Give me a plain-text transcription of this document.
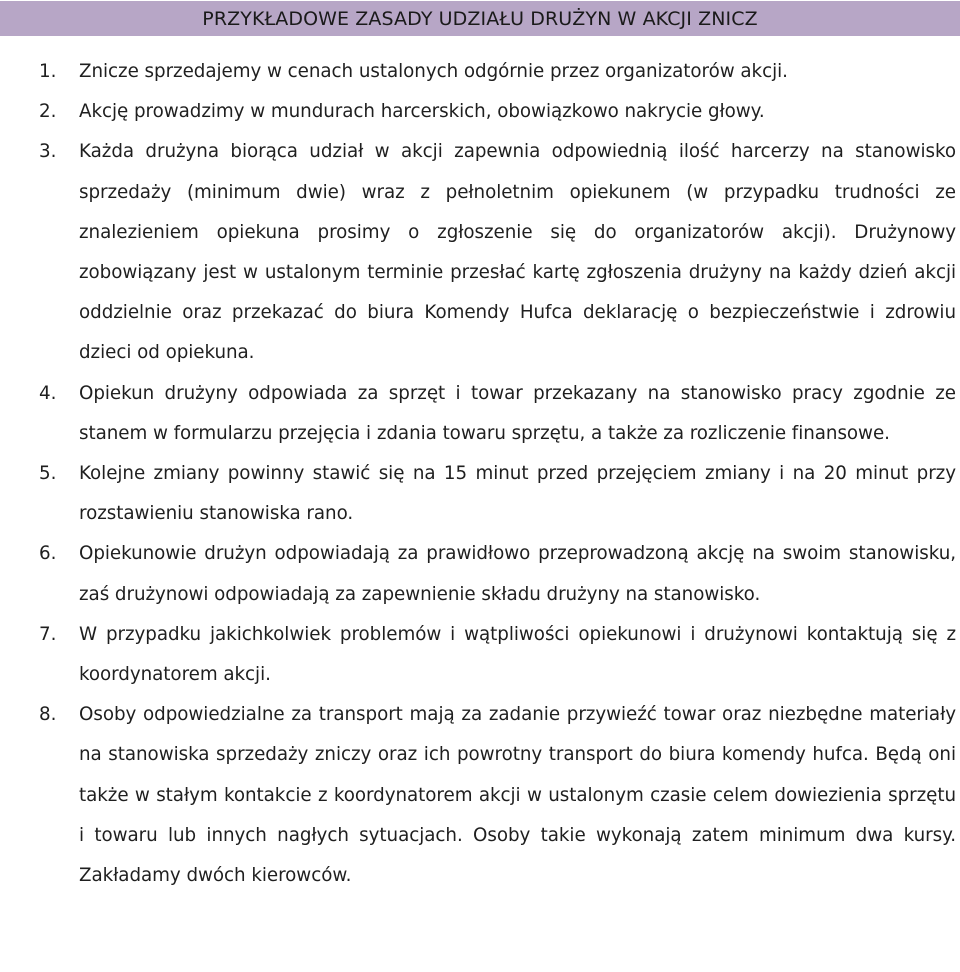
PRZYKŁADOWE ZASADY UDZIAŁU DRUŻYN W AKCJI ZNICZ
1.	Znicze sprzedajemy w cenach ustalonych odgórnie przez organizatorów akcji.
2.	Akcję prowadzimy w mundurach harcerskich, obowiązkowo nakrycie głowy.
3.	Każda drużyna biorąca udział w akcji zapewnia odpowiednią ilość harcerzy na stanowisko sprzedaży (minimum dwie) wraz z pełnoletnim opiekunem (w przypadku trudności ze znalezieniem opiekuna prosimy o zgłoszenie się do organizatorów akcji). Drużynowy zobowiązany jest w ustalonym terminie przesłać kartę zgłoszenia drużyny na każdy dzień akcji oddzielnie oraz przekazać do biura Komendy Hufca deklarację o bezpieczeństwie i zdrowiu dzieci od opiekuna.
4.	Opiekun drużyny odpowiada za sprzęt i towar przekazany na stanowisko pracy zgodnie ze stanem w formularzu przejęcia i zdania towaru sprzętu, a także za rozliczenie finansowe.
5.	Kolejne zmiany powinny stawić się na 15 minut przed przejęciem zmiany i na 20 minut przy rozstawieniu stanowiska rano.
6.	Opiekunowie drużyn odpowiadają za prawidłowo przeprowadzoną akcję na swoim stanowisku, zaś drużynowi odpowiadają za zapewnienie składu drużyny na stanowisko.
7.	W przypadku jakichkolwiek problemów i wątpliwości opiekunowi i drużynowi kontaktują się z koordynatorem akcji.
8.	Osoby odpowiedzialne za transport mają za zadanie przywieźć towar oraz niezbędne materiały na stanowiska sprzedaży zniczy oraz ich powrotny transport do biura komendy hufca. Będą oni także w stałym kontakcie z koordynatorem akcji w ustalonym czasie celem dowiezienia sprzętu i towaru lub innych nagłych sytuacjach. Osoby takie wykonają zatem minimum dwa kursy. Zakładamy dwóch kierowców.
